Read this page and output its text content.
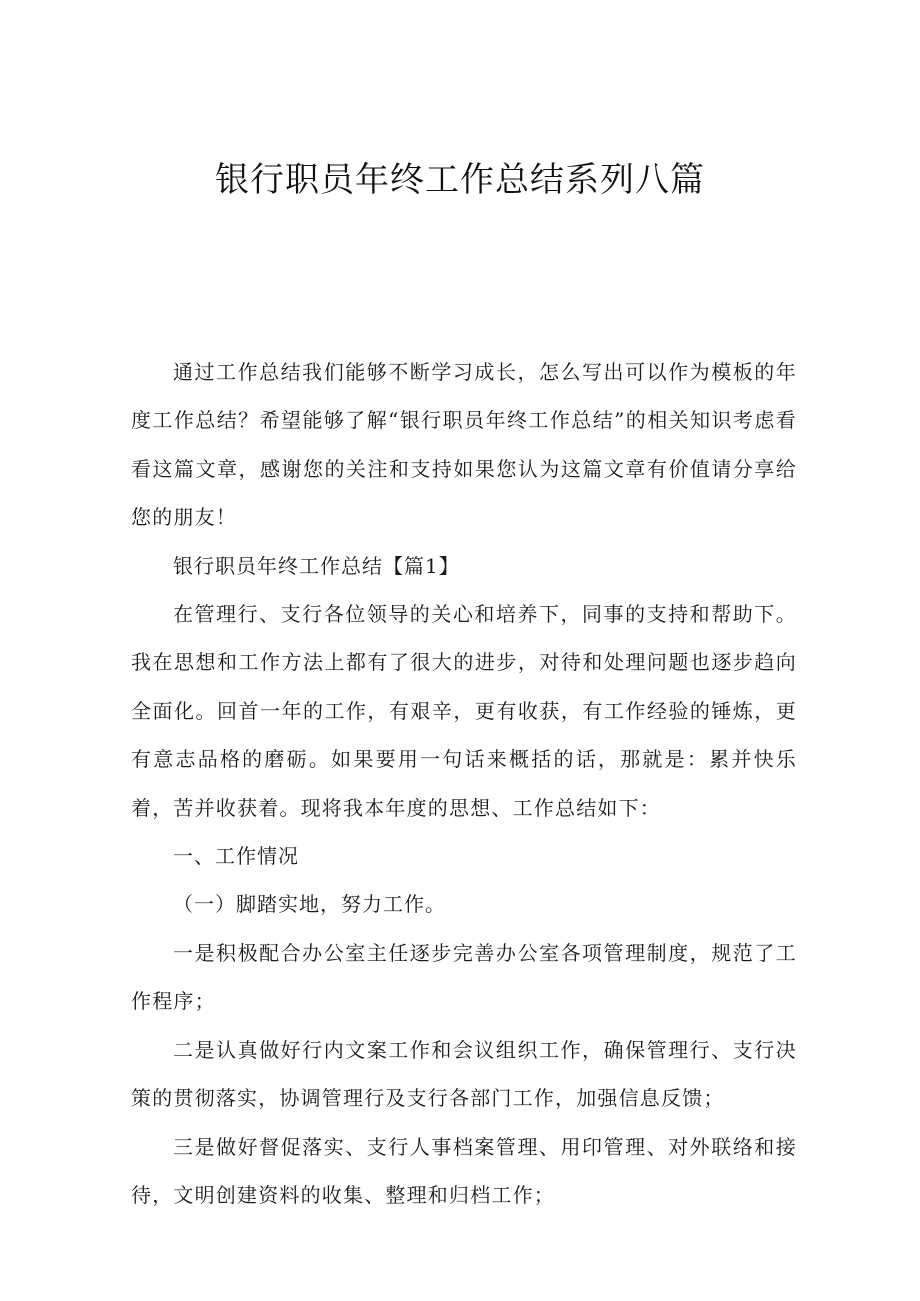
银行职员年终工作总结系列八篇

通过工作总结我们能够不断学习成长，怎么写出可以作为模板的年度工作总结？希望能够了解“银行职员年终工作总结”的相关知识考虑看看这篇文章，感谢您的关注和支持如果您认为这篇文章有价值请分享给您的朋友！

银行职员年终工作总结【篇1】

在管理行、支行各位领导的关心和培养下，同事的支持和帮助下。我在思想和工作方法上都有了很大的进步，对待和处理问题也逐步趋向全面化。回首一年的工作，有艰辛，更有收获，有工作经验的锤炼，更有意志品格的磨砺。如果要用一句话来概括的话，那就是：累并快乐着，苦并收获着。现将我本年度的思想、工作总结如下：

一、工作情况

（一）脚踏实地，努力工作。

一是积极配合办公室主任逐步完善办公室各项管理制度，规范了工作程序；

二是认真做好行内文案工作和会议组织工作，确保管理行、支行决策的贯彻落实，协调管理行及支行各部门工作，加强信息反馈；

三是做好督促落实、支行人事档案管理、用印管理、对外联络和接待，文明创建资料的收集、整理和归档工作；
